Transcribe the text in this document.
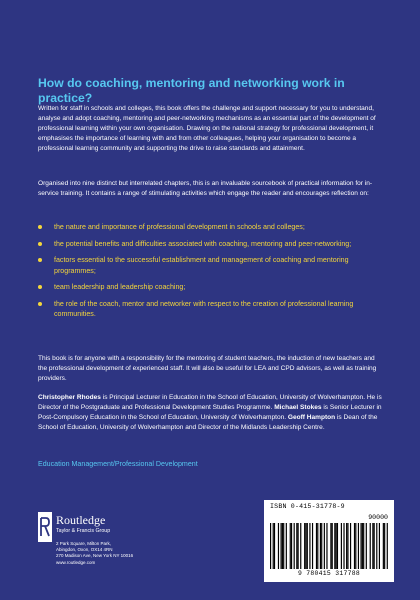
How do coaching, mentoring and networking work in practice?

Written for staff in schools and colleges, this book offers the challenge and support necessary for you to understand, analyse and adopt coaching, mentoring and peer-networking mechanisms as an essential part of the development of professional learning within your own organisation. Drawing on the national strategy for professional development, it emphasises the importance of learning with and from other colleagues, helping your organisation to become a professional learning community and supporting the drive to raise standards and attainment.

Organised into nine distinct but interrelated chapters, this is an invaluable sourcebook of practical information for in-service training. It contains a range of stimulating activities which engage the reader and encourages reflection on:

the nature and importance of professional development in schools and colleges;
the potential benefits and difficulties associated with coaching, mentoring and peer-networking;
factors essential to the successful establishment and management of coaching and mentoring programmes;
team leadership and leadership coaching;
the role of the coach, mentor and networker with respect to the creation of professional learning communities.

This book is for anyone with a responsibility for the mentoring of student teachers, the induction of new teachers and the professional development of experienced staff. It will also be useful for LEA and CPD advisors, as well as training providers.

Christopher Rhodes is Principal Lecturer in Education in the School of Education, University of Wolverhampton. He is Director of the Postgraduate and Professional Development Studies Programme. Michael Stokes is Senior Lecturer in Post-Compulsory Education in the School of Education, University of Wolverhampton. Geoff Hampton is Dean of the School of Education, University of Wolverhampton and Director of the Midlands Leadership Centre.

Education Management/Professional Development
Routledge
Taylor & Francis Group
2 Park Square, Milton Park,
Abingdon, Oxon, OX14 4RN
270 Madison Ave, New York NY 10016
www.routledge.com
ISBN 0-415-31778-9
90000
9 780415 317788
